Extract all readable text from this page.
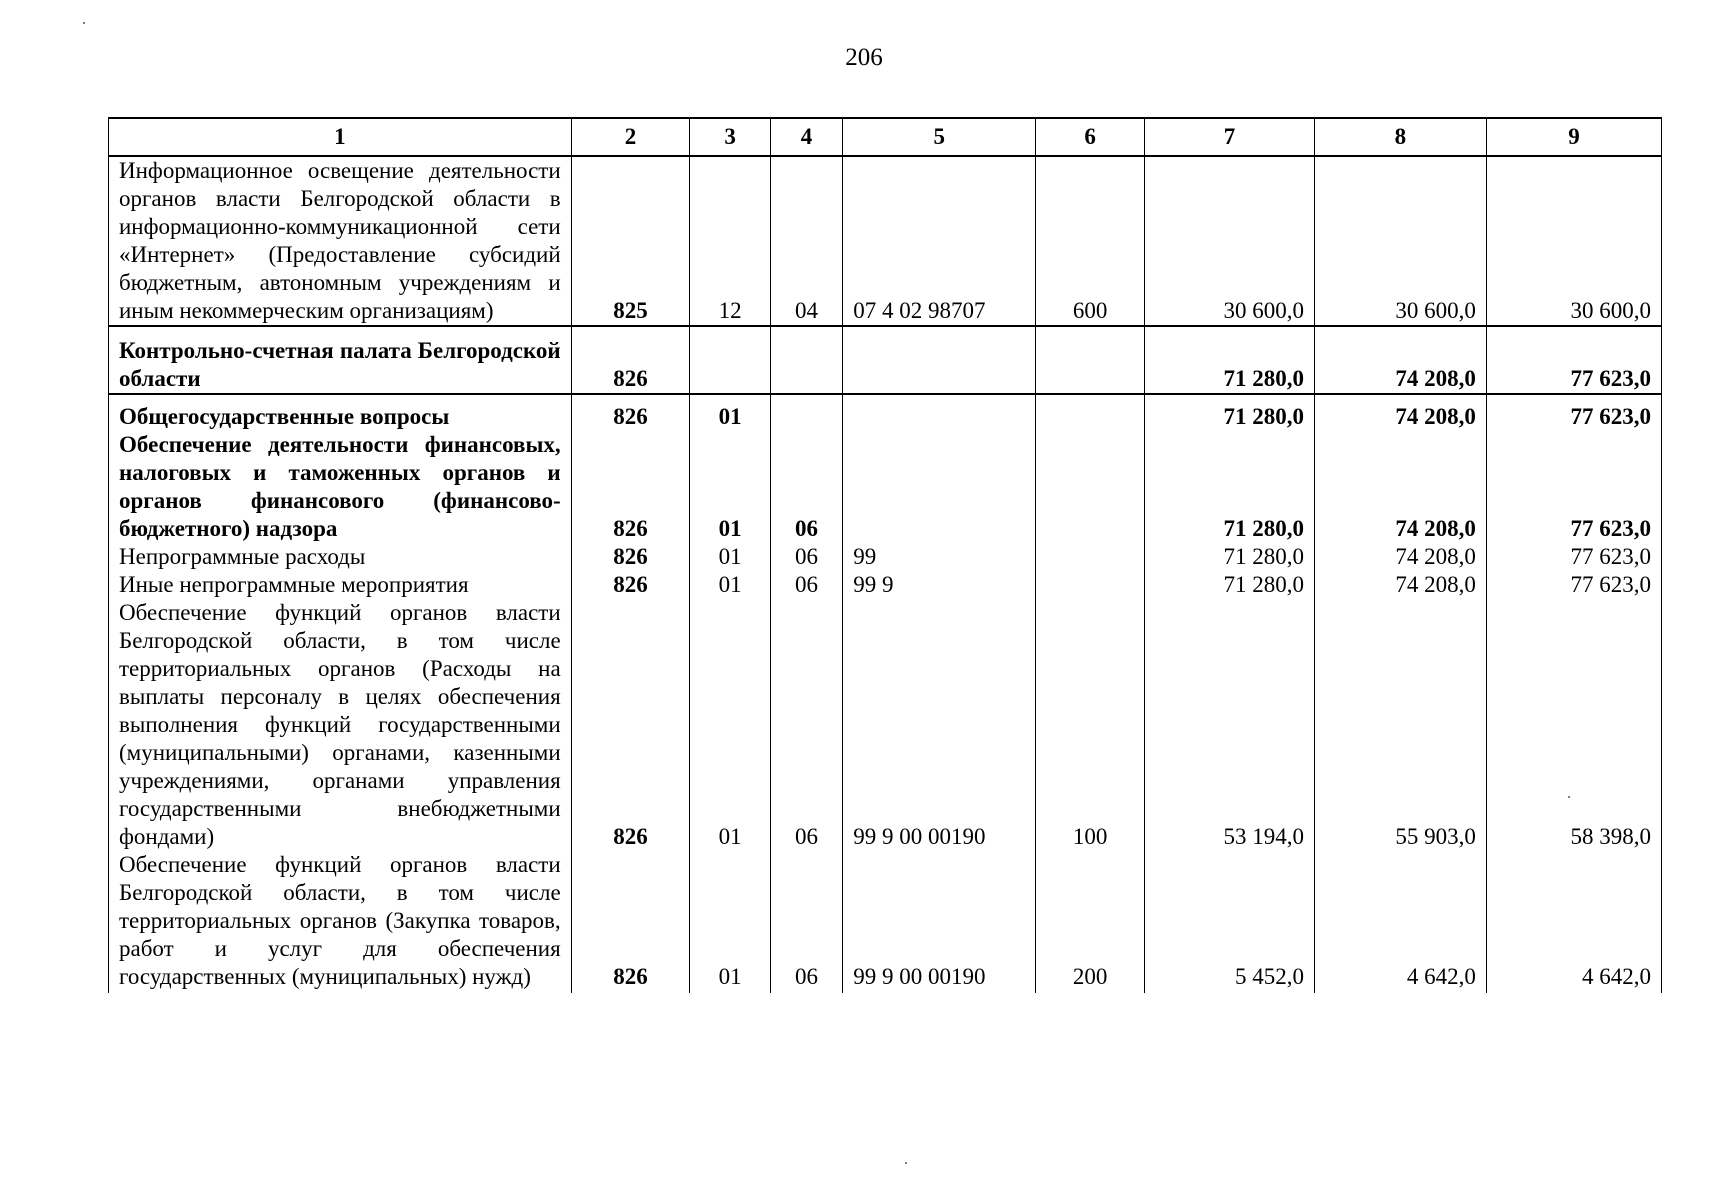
206
1	2	3	4	5	6	7	8	9
Информационное освещение деятельности органов власти Белгородской области в информационно-коммуникационной сети «Интернет» (Предоставление субсидий бюджетным, автономным учреждениям и иным некоммерческим организациям)	825	12	04	07 4 02 98707	600	30 600,0	30 600,0	30 600,0
Контрольно-счетная палата Белгородской области	826					71 280,0	74 208,0	77 623,0
Общегосударственные вопросы	826	01				71 280,0	74 208,0	77 623,0
Обеспечение деятельности финансовых, налоговых и таможенных органов и органов финансового (финансово-бюджетного) надзора	826	01	06			71 280,0	74 208,0	77 623,0
Непрограммные расходы	826	01	06	99		71 280,0	74 208,0	77 623,0
Иные непрограммные мероприятия	826	01	06	99 9		71 280,0	74 208,0	77 623,0
Обеспечение функций органов власти Белгородской области, в том числе территориальных органов (Расходы на выплаты персоналу в целях обеспечения выполнения функций государственными (муниципальными) органами, казенными учреждениями, органами управления государственными внебюджетными фондами)	826	01	06	99 9 00 00190	100	53 194,0	55 903,0	58 398,0
Обеспечение функций органов власти Белгородской области, в том числе территориальных органов (Закупка товаров, работ и услуг для обеспечения государственных (муниципальных) нужд)	826	01	06	99 9 00 00190	200	5 452,0	4 642,0	4 642,0
